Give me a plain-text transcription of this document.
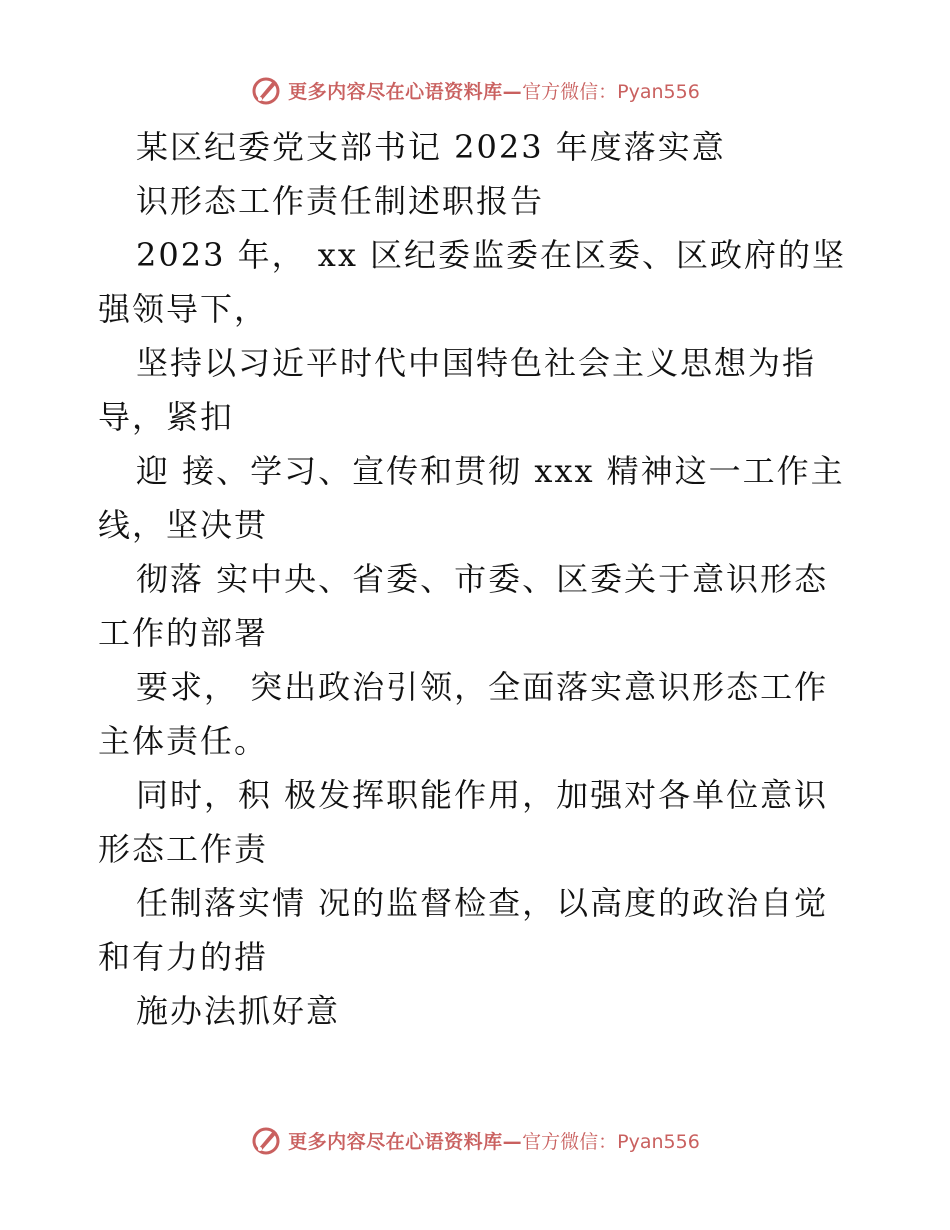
更多内容尽在心语资料库— 官方微信：Pyan556
某区纪委党支部书记 2023 年度落实意
识形态工作责任制述职报告
2023 年， xx 区纪委监委在区委、区政府的坚
强领导下，
坚持以习近平时代中国特色社会主义思想为指
导，紧扣
迎 接、学习、宣传和贯彻 xxx 精神这一工作主
线，坚决贯
彻落 实中央、省委、市委、区委关于意识形态
工作的部署
要求， 突出政治引领，全面落实意识形态工作
主体责任。
同时，积 极发挥职能作用，加强对各单位意识
形态工作责
任制落实情 况的监督检查，以高度的政治自觉
和有力的措
施办法抓好意
更多内容尽在心语资料库— 官方微信：Pyan556
